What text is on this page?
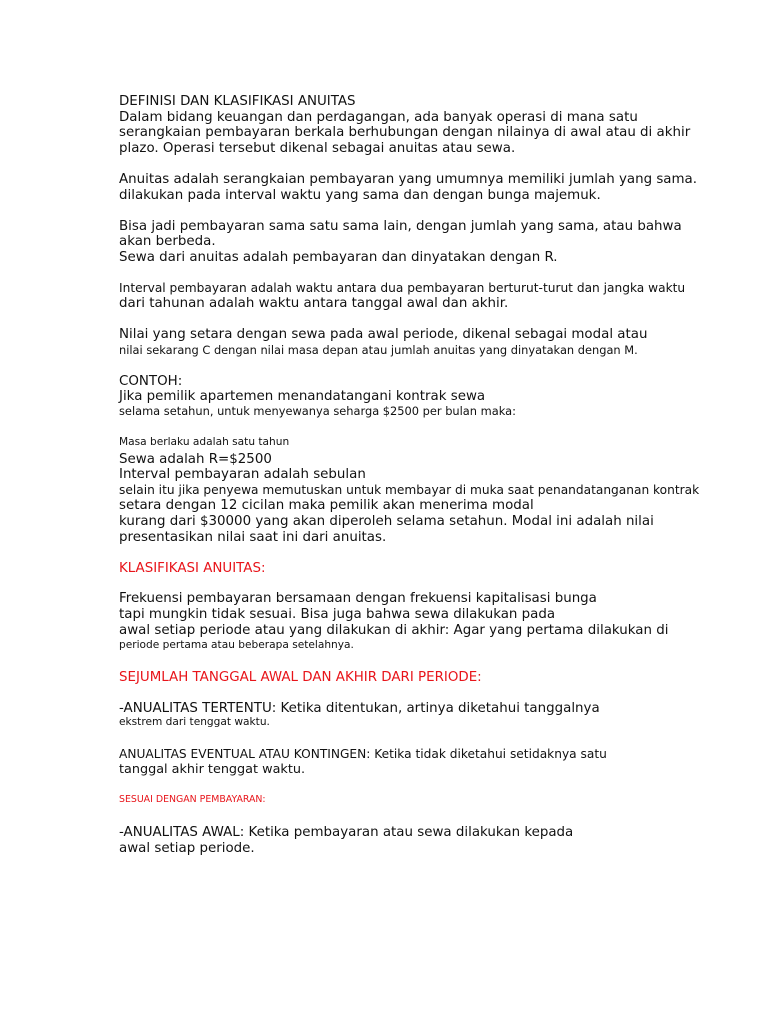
DEFINISI DAN KLASIFIKASI ANUITAS

Dalam bidang keuangan dan perdagangan, ada banyak operasi di mana satu

serangkaian pembayaran berkala berhubungan dengan nilainya di awal atau di akhir

plazo. Operasi tersebut dikenal sebagai anuitas atau sewa.

Anuitas adalah serangkaian pembayaran yang umumnya memiliki jumlah yang sama.

dilakukan pada interval waktu yang sama dan dengan bunga majemuk.

Bisa jadi pembayaran sama satu sama lain, dengan jumlah yang sama, atau bahwa

akan berbeda.

Sewa dari anuitas adalah pembayaran dan dinyatakan dengan R.

Interval pembayaran adalah waktu antara dua pembayaran berturut-turut dan jangka waktu

dari tahunan adalah waktu antara tanggal awal dan akhir.

Nilai yang setara dengan sewa pada awal periode, dikenal sebagai modal atau

nilai sekarang C dengan nilai masa depan atau jumlah anuitas yang dinyatakan dengan M.

CONTOH:

Jika pemilik apartemen menandatangani kontrak sewa

selama setahun, untuk menyewanya seharga $2500 per bulan maka:

Masa berlaku adalah satu tahun

Sewa adalah R=$2500

Interval pembayaran adalah sebulan

selain itu jika penyewa memutuskan untuk membayar di muka saat penandatanganan kontrak

setara dengan 12 cicilan maka pemilik akan menerima modal

kurang dari $30000 yang akan diperoleh selama setahun. Modal ini adalah nilai

presentasikan nilai saat ini dari anuitas.

KLASIFIKASI ANUITAS:

Frekuensi pembayaran bersamaan dengan frekuensi kapitalisasi bunga

tapi mungkin tidak sesuai. Bisa juga bahwa sewa dilakukan pada

awal setiap periode atau yang dilakukan di akhir: Agar yang pertama dilakukan di

periode pertama atau beberapa setelahnya.

SEJUMLAH TANGGAL AWAL DAN AKHIR DARI PERIODE:

-ANUALITAS TERTENTU: Ketika ditentukan, artinya diketahui tanggalnya

ekstrem dari tenggat waktu.

ANUALITAS EVENTUAL ATAU KONTINGEN: Ketika tidak diketahui setidaknya satu

tanggal akhir tenggat waktu.

SESUAI DENGAN PEMBAYARAN:

-ANUALITAS AWAL: Ketika pembayaran atau sewa dilakukan kepada

awal setiap periode.
